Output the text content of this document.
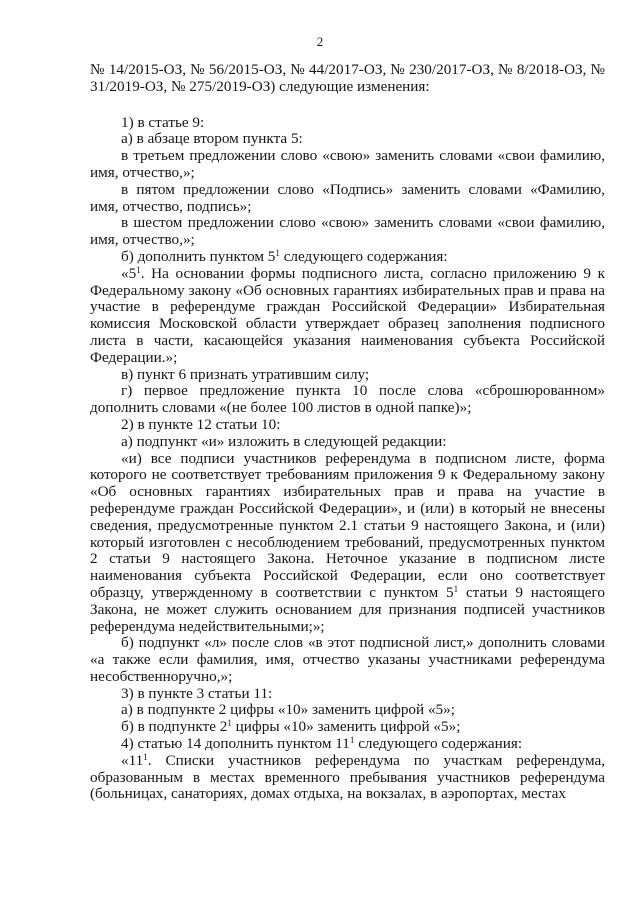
2

№ 14/2015-ОЗ, № 56/2015-ОЗ, № 44/2017-ОЗ, № 230/2017-ОЗ, № 8/2018-ОЗ, № 31/2019-ОЗ, № 275/2019-ОЗ) следующие изменения:

1) в статье 9:

а) в абзаце втором пункта 5:

в третьем предложении слово «свою» заменить словами «свои фамилию, имя, отчество,»;

в пятом предложении слово «Подпись» заменить словами «Фамилию, имя, отчество, подпись»;

в шестом предложении слово «свою» заменить словами «свои фамилию, имя, отчество,»;

б) дополнить пунктом $5^1$ следующего содержания:

«$5^1$. На основании формы подписного листа, согласно приложению 9 к Федеральному закону «Об основных гарантиях избирательных прав и права на участие в референдуме граждан Российской Федерации» Избирательная комиссия Московской области утверждает образец заполнения подписного листа в части, касающейся указания наименования субъекта Российской Федерации.»;

в) пункт 6 признать утратившим силу;

г) первое предложение пункта 10 после слова «сброшюрованном» дополнить словами «(не более 100 листов в одной папке)»;

2) в пункте 12 статьи 10:

а) подпункт «и» изложить в следующей редакции:

«и) все подписи участников референдума в подписном листе, форма которого не соответствует требованиям приложения 9 к Федеральному закону «Об основных гарантиях избирательных прав и права на участие в референдуме граждан Российской Федерации», и (или) в который не внесены сведения, предусмотренные пунктом 2.1 статьи 9 настоящего Закона, и (или) который изготовлен с несоблюдением требований, предусмотренных пунктом 2 статьи 9 настоящего Закона. Неточное указание в подписном листе наименования субъекта Российской Федерации, если оно соответствует образцу, утвержденному в соответствии с пунктом $5^1$ статьи 9 настоящего Закона, не может служить основанием для признания подписей участников референдума недействительными;»;

б) подпункт «л» после слов «в этот подписной лист,» дополнить словами «а также если фамилия, имя, отчество указаны участниками референдума несобственноручно,»;

3) в пункте 3 статьи 11:

а) в подпункте 2 цифры «10» заменить цифрой «5»;

б) в подпункте $2^1$ цифры «10» заменить цифрой «5»;

4) статью 14 дополнить пунктом $11^1$ следующего содержания:

«$11^1$. Списки участников референдума по участкам референдума, образованным в местах временного пребывания участников референдума (больницах, санаториях, домах отдыха, на вокзалах, в аэропортах, местах
